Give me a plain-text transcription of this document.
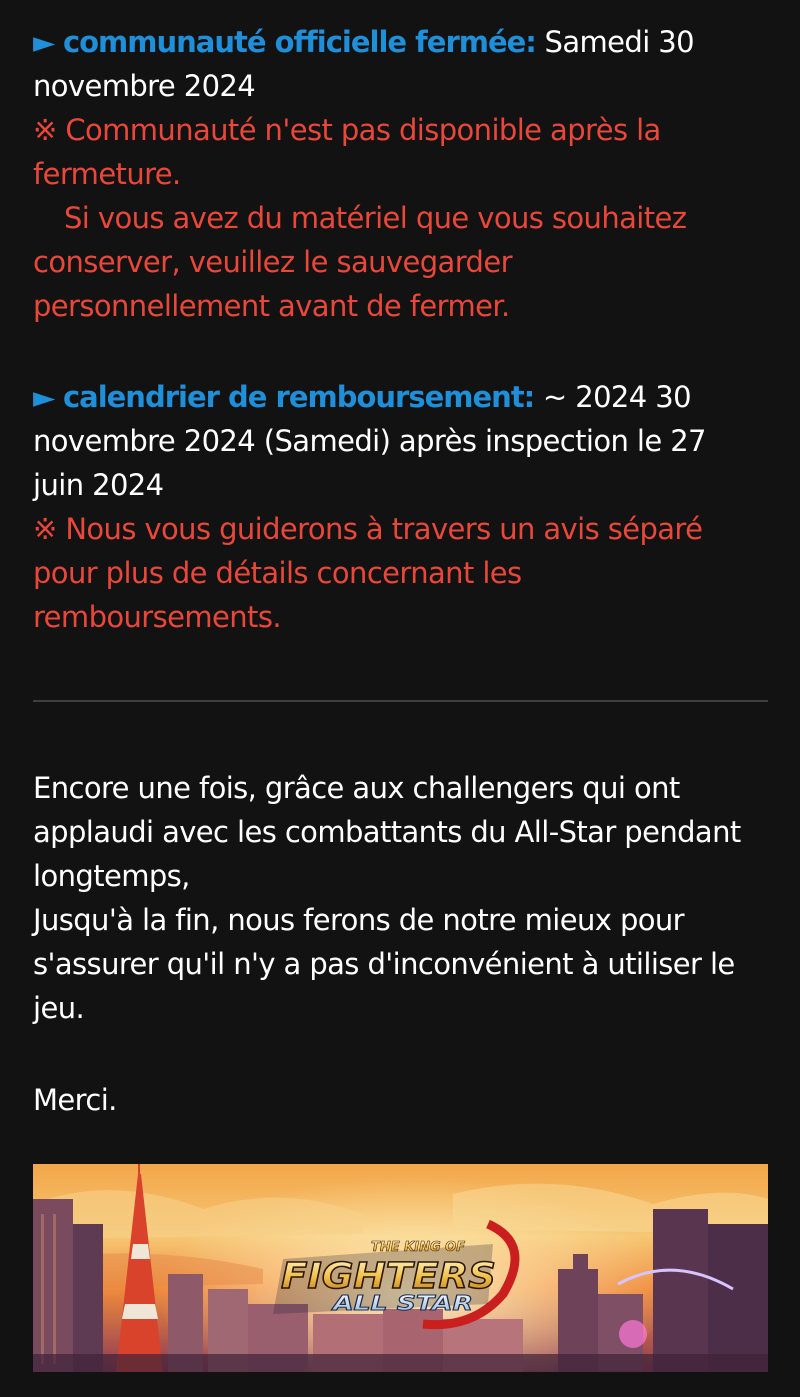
► communauté officielle fermée: Samedi 30
novembre 2024
※ Communauté n'est pas disponible après la
fermeture.
Si vous avez du matériel que vous souhaitez
conserver, veuillez le sauvegarder
personnellement avant de fermer.
► calendrier de remboursement: ~ 2024 30
novembre 2024 (Samedi) après inspection le 27
juin 2024
※ Nous vous guiderons à travers un avis séparé
pour plus de détails concernant les
remboursements.
Encore une fois, grâce aux challengers qui ont
applaudi avec les combattants du All-Star pendant
longtemps,
Jusqu'à la fin, nous ferons de notre mieux pour
s'assurer qu'il n'y a pas d'inconvénient à utiliser le
jeu.
Merci.
THE KING OF
FIGHTERS
ALL STAR
